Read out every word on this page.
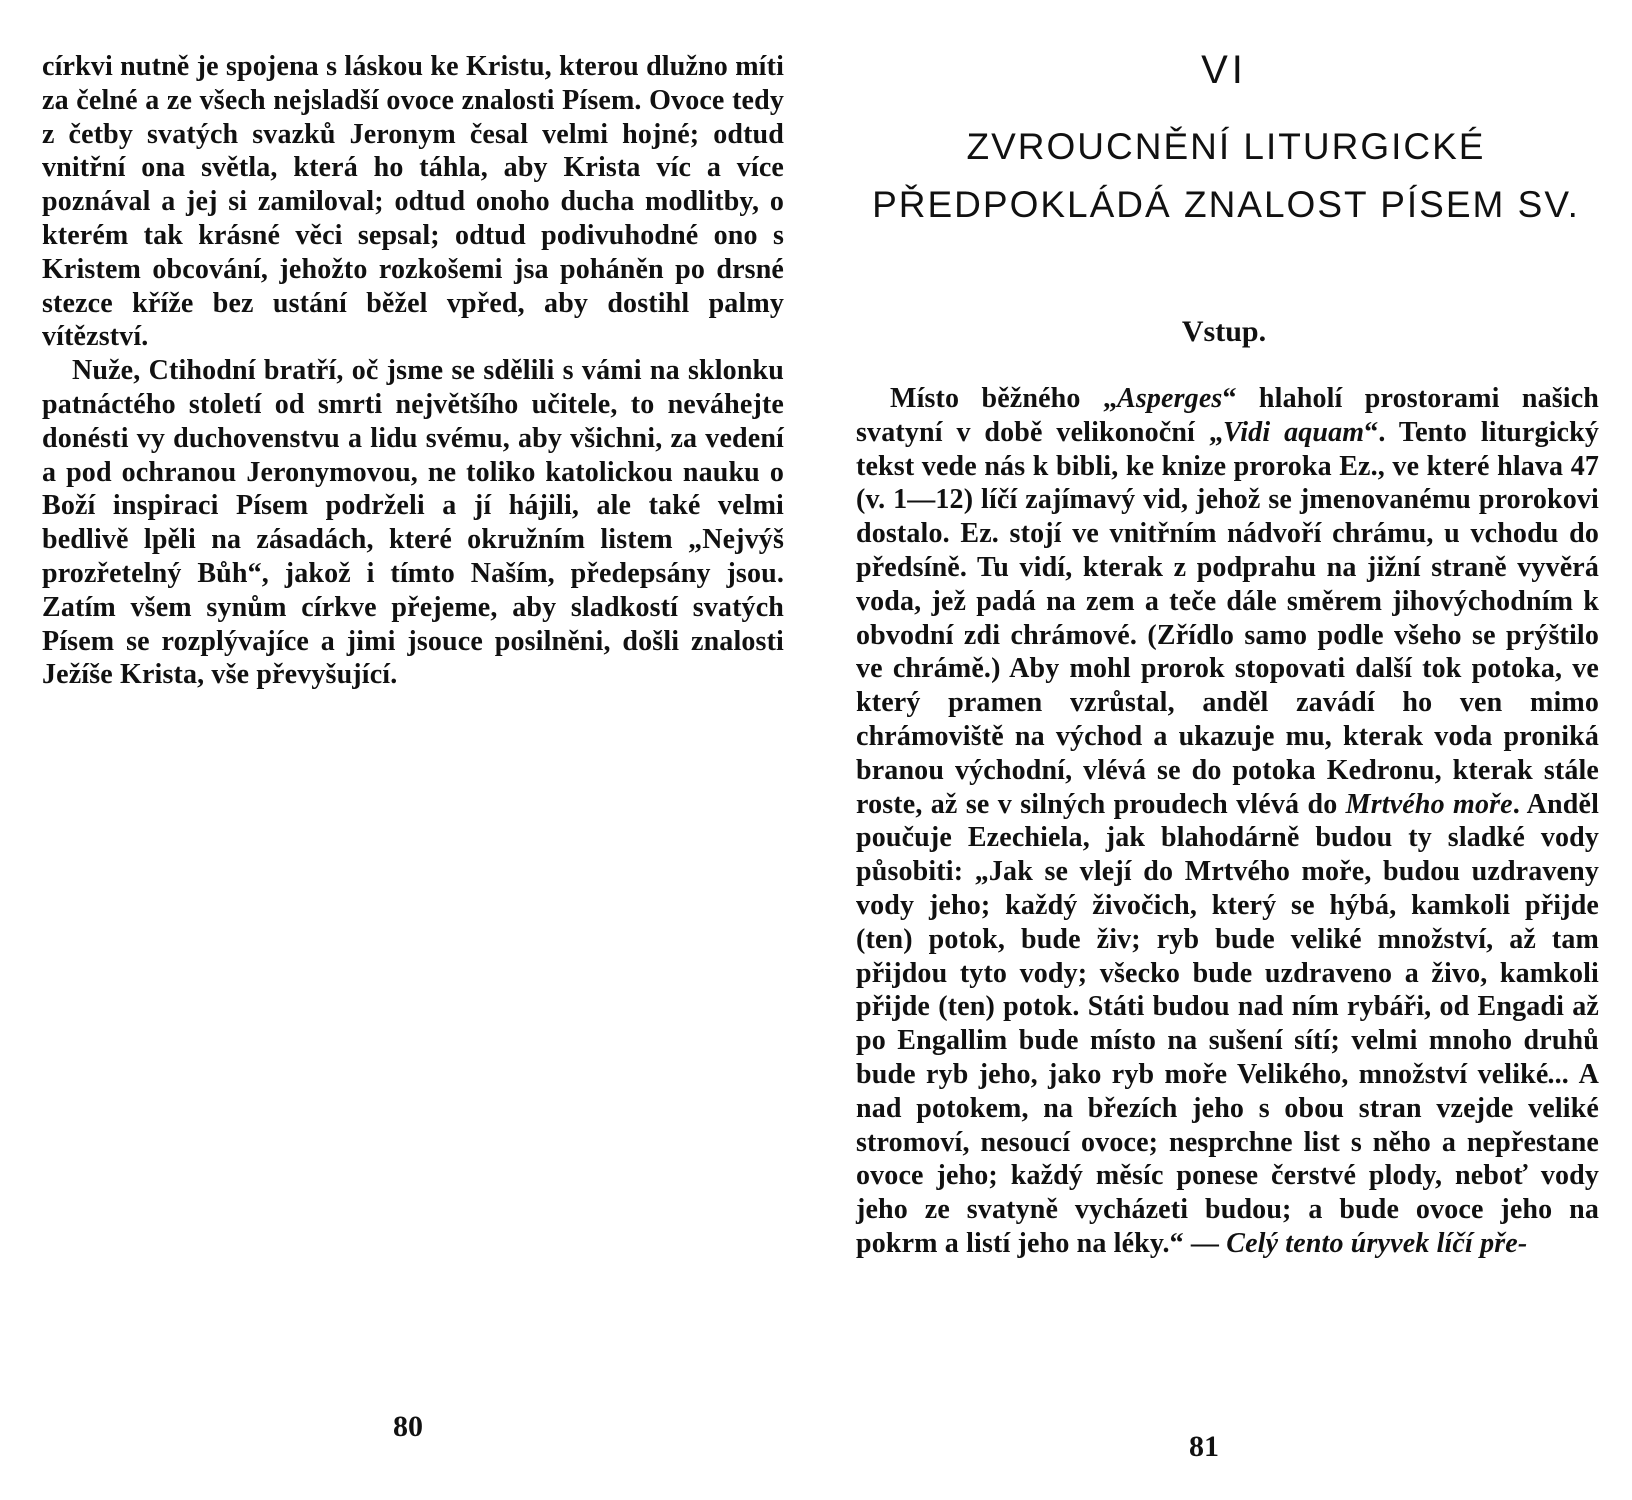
církvi nutně je spojena s láskou ke Kristu, kterou dlužno míti za čelné a ze všech nejsladší ovoce znalosti Písem. Ovoce tedy z četby svatých svazků Jeronym česal velmi hojné; odtud vnitřní ona světla, která ho táhla, aby Krista víc a více poznával a jej si zamiloval; odtud onoho ducha modlitby, o kterém tak krásné věci sepsal; odtud podivuhodné ono s Kristem obcování, jehožto rozkošemi jsa poháněn po drsné stezce kříže bez ustání běžel vpřed, aby dostihl palmy vítězství.

Nuže, Ctihodní bratří, oč jsme se sdělili s vámi na sklonku patnáctého století od smrti největšího učitele, to neváhejte donésti vy duchovenstvu a lidu svému, aby všichni, za vedení a pod ochranou Jeronymovou, ne toliko katolickou nauku o Boží inspiraci Písem podrželi a jí hájili, ale také velmi bedlivě lpěli na zásadách, které okružním listem „Nejvýš prozřetelný Bůh“, jakož i tímto Naším, předepsány jsou. Zatím všem synům církve přejeme, aby sladkostí svatých Písem se rozplývajíce a jimi jsouce posilněni, došli znalosti Ježíše Krista, vše převyšující.

80
VI
ZVROUCNĚNÍ LITURGICKÉ
PŘEDPOKLÁDÁ ZNALOST PÍSEM SV.
Vstup.

Místo běžného „Asperges“ hlaholí prostorami našich svatyní v době velikonoční „Vidi aquam“. Tento liturgický tekst vede nás k bibli, ke knize proroka Ez., ve které hlava 47 (v. 1—12) líčí zajímavý vid, jehož se jmenovanému prorokovi dostalo. Ez. stojí ve vnitřním nádvoří chrámu, u vchodu do předsíně. Tu vidí, kterak z podprahu na jižní straně vyvěrá voda, jež padá na zem a teče dále směrem jihovýchodním k obvodní zdi chrámové. (Zřídlo samo podle všeho se prýštilo ve chrámě.) Aby mohl prorok stopovati další tok potoka, ve který pramen vzrůstal, anděl zavádí ho ven mimo chrámoviště na východ a ukazuje mu, kterak voda proniká branou východní, vlévá se do potoka Kedronu, kterak stále roste, až se v silných proudech vlévá do Mrtvého moře. Anděl poučuje Ezechiela, jak blahodárně budou ty sladké vody působiti: „Jak se vlejí do Mrtvého moře, budou uzdraveny vody jeho; každý živočich, který se hýbá, kamkoli přijde (ten) potok, bude živ; ryb bude veliké množství, až tam přijdou tyto vody; všecko bude uzdraveno a živo, kamkoli přijde (ten) potok. Státi budou nad ním rybáři, od Engadi až po Engallim bude místo na sušení sítí; velmi mnoho druhů bude ryb jeho, jako ryb moře Velikého, množství veliké... A nad potokem, na březích jeho s obou stran vzejde veliké stromoví, nesoucí ovoce; nesprchne list s něho a nepřestane ovoce jeho; každý měsíc ponese čerstvé plody, neboť vody jeho ze svatyně vycházeti budou; a bude ovoce jeho na pokrm a listí jeho na léky.“ — Celý tento úryvek líčí pře-

81
